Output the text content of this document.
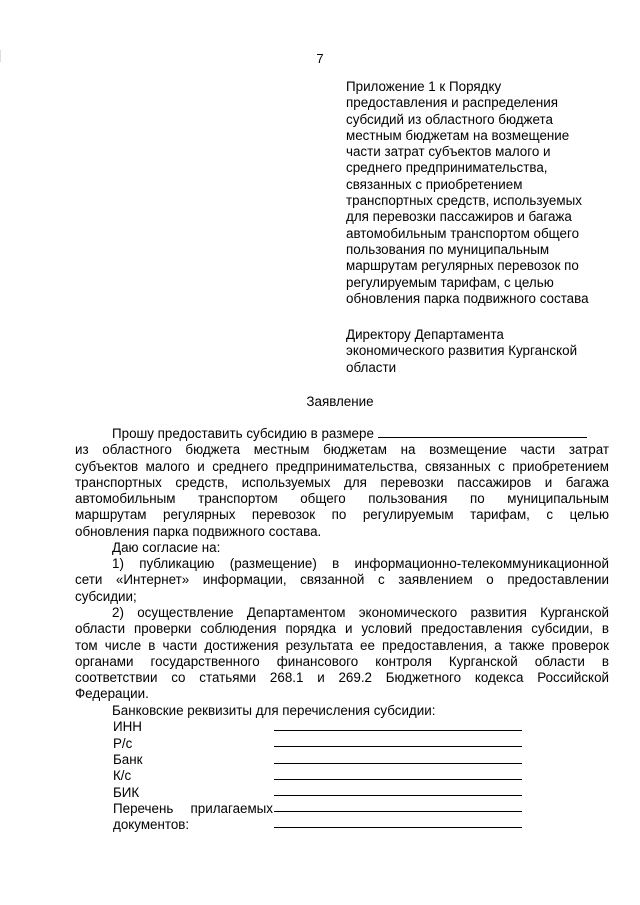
7
Приложение 1 к Порядку
предоставления и распределения
субсидий из областного бюджета
местным бюджетам на возмещение
части затрат субъектов малого и
среднего предпринимательства,
связанных с приобретением
транспортных средств, используемых
для перевозки пассажиров и багажа
автомобильным транспортом общего
пользования по муниципальным
маршрутам регулярных перевозок по
регулируемым тарифам, с целью
обновления парка подвижного состава
Директору Департамента
экономического развития Курганской
области
Заявление
Прошу предоставить субсидию в размере
из областного бюджета местным бюджетам на возмещение части затрат
субъектов малого и среднего предпринимательства, связанных с приобретением
транспортных средств, используемых для перевозки пассажиров и багажа
автомобильным транспортом общего пользования по муниципальным
маршрутам регулярных перевозок по регулируемым тарифам, с целью
обновления парка подвижного состава.
Даю согласие на:
1) публикацию (размещение) в информационно-телекоммуникационной
сети «Интернет» информации, связанной с заявлением о предоставлении
субсидии;
2) осуществление Департаментом экономического развития Курганской
области проверки соблюдения порядка и условий предоставления субсидии, в
том числе в части достижения результата ее предоставления, а также проверок
органами государственного финансового контроля Курганской области в
соответствии со статьями 268.1 и 269.2 Бюджетного кодекса Российской
Федерации.
Банковские реквизиты для перечисления субсидии:
ИНН
Р/с
Банк
К/с
БИК
Перечень прилагаемых
документов:
